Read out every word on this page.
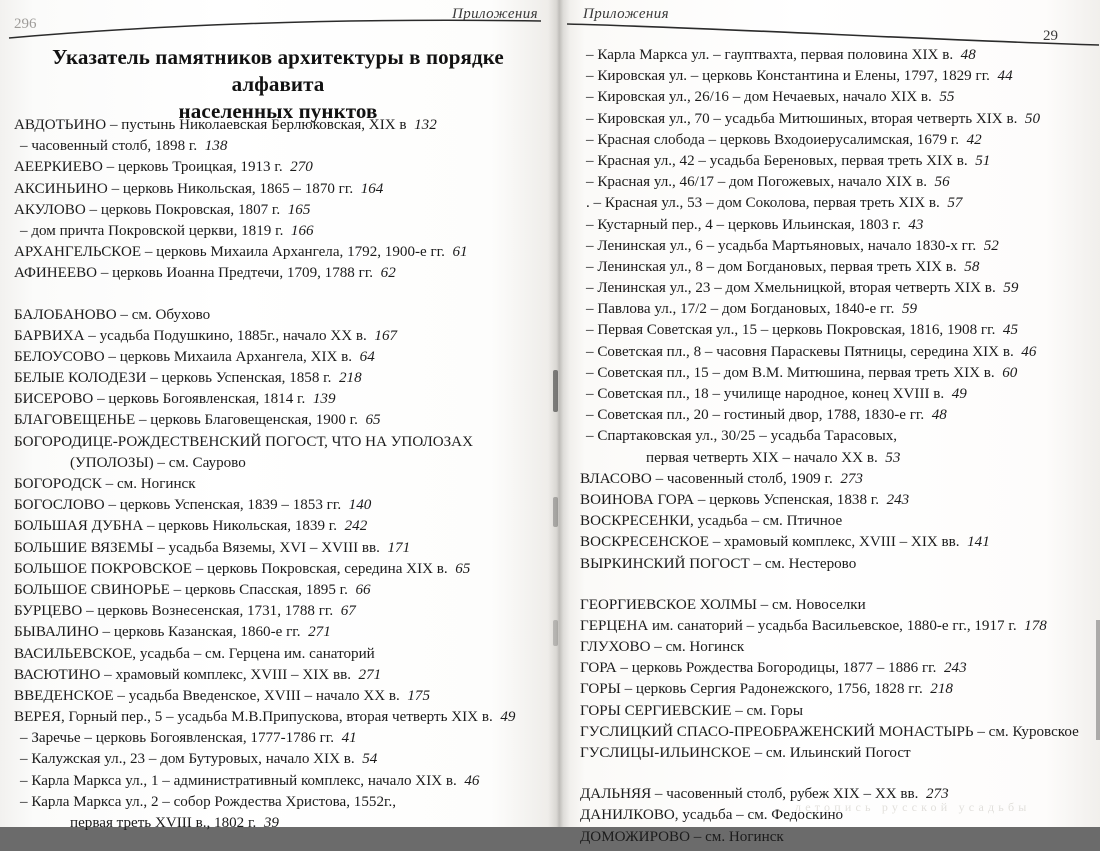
296
Приложения	Приложения
29
Указатель памятников архитектуры в порядке алфавита
населенных пунктов
АВДОТЬИНО – пустынь Николаевская Берлюковская, XIX в  132
– часовенный столб, 1898 г.  138
АЕЕРКИЕВО – церковь Троицкая, 1913 г.  270
АКСИНЬИНО – церковь Никольская, 1865 – 1870 гг.  164
АКУЛОВО – церковь Покровская, 1807 г.  165
– дом причта Покровской церкви, 1819 г.  166
АРХАНГЕЛЬСКОЕ – церковь Михаила Архангела, 1792, 1900-е гг.  61
АФИНЕЕВО – церковь Иоанна Предтечи, 1709, 1788 гг.  62
БАЛОБАНОВО – см. Обухово
БАРВИХА – усадьба Подушкино, 1885г., начало XX в.  167
БЕЛОУСОВО – церковь Михаила Архангела, XIX в.  64
БЕЛЫЕ КОЛОДЕЗИ – церковь Успенская, 1858 г.  218
БИСЕРОВО – церковь Богоявленская, 1814 г.  139
БЛАГОВЕЩЕНЬЕ – церковь Благовещенская, 1900 г.  65
БОГОРОДИЦЕ-РОЖДЕСТВЕНСКИЙ ПОГОСТ, ЧТО НА УПОЛОЗАХ
(УПОЛОЗЫ) – см. Саурово
БОГОРОДСК – см. Ногинск
БОГОСЛОВО – церковь Успенская, 1839 – 1853 гг.  140
БОЛЬШАЯ ДУБНА – церковь Никольская, 1839 г.  242
БОЛЬШИЕ ВЯЗЕМЫ – усадьба Вяземы, XVI – XVIII вв.  171
БОЛЬШОЕ ПOКРОВСКОЕ – церковь Покровская, середина XIX в.  65
БОЛЬШОЕ СВИНОРЬЕ – церковь Спасская, 1895 г.  66
БУРЦЕВО – церковь Вознесенская, 1731, 1788 гг.  67
БЫВАЛИНО – церковь Казанская, 1860-е гг.  271
ВАСИЛЬЕВСКОЕ, усадьба – см. Герцена им. санаторий
ВАСЮТИНО – храмовый комплекс, XVIII – XIX вв.  271
ВВЕДЕНСКОЕ – усадьба Введенское, XVIII – начало XX в.  175
ВЕРЕЯ, Горный пер., 5 – усадьба М.В.Припускова, вторая четверть XIX в.  49
– Заречье – церковь Богоявленская, 1777-1786 гг.  41
– Калужская ул., 23 – дом Бутуровых, начало XIX в.  54
– Карла Маркса ул., 1 – административный комплекс, начало XIX в.  46
– Карла Маркса ул., 2 – собор Рождества Христова, 1552г.,
первая треть XVIII в., 1802 г.  39
– Карла Маркса ул. – гауптвахта, первая половина XIX в.  48
– Кировская ул. – церковь Константина и Елены, 1797, 1829 гг.  44
– Кировская ул., 26/16 – дом Нечаевых, начало XIX в.  55
– Кировская ул., 70 – усадьба Митюшиных, вторая четверть XIX в.  50
– Красная слобода – церковь Входоиерусалимская, 1679 г.  42
– Красная ул., 42 – усадьба Береновых, первая треть XIX в.  51
– Красная ул., 46/17 – дом Погожевых, начало XIX в.  56
. – Красная ул., 53 – дом Соколова, первая треть XIX в.  57
– Кустарный пер., 4 – церковь Ильинская, 1803 г.  43
– Ленинская ул., 6 – усадьба Мартьяновых, начало 1830-х гг.  52
– Ленинская ул., 8 – дом Богдановых, первая треть XIX в.  58
– Ленинская ул., 23 – дом Хмельницкой, вторая четверть XIX в.  59
– Павлова ул., 17/2 – дом Богдановых, 1840-е гг.  59
– Первая Советская ул., 15 – церковь Покровская, 1816, 1908 гг.  45
– Советская пл., 8 – часовня Параскевы Пятницы, середина XIX в.  46
– Советская пл., 15 – дом В.М. Митюшина, первая треть XIX в.  60
– Советская пл., 18 – училище народное, конец XVIII в.  49
– Советская пл., 20 – гостиный двор, 1788, 1830-е гг.  48
– Спартаковская ул., 30/25 – усадьба Тарасовых,
первая четверть XIX – начало XX в.  53
ВЛАСОВО – часовенный столб, 1909 г.  273
ВОИНОВА ГОРА – церковь Успенская, 1838 г.  243
ВОСКРЕСЕНКИ, усадьба – см. Птичное
ВОСКРЕСЕНСКОЕ – храмовый комплекс, XVIII – XIX вв.  141
ВЫРКИНСКИЙ ПОГОСТ – см. Нестерово
ГЕОРГИЕВСКОЕ ХОЛМЫ – см. Новоселки
ГЕРЦЕНА им. санаторий – усадьба Васильевское, 1880-е гг., 1917 г.  178
ГЛУХОВО – см. Ногинск
ГОРА – церковь Рождества Богородицы, 1877 – 1886 гг.  243
ГОРЫ – церковь Сергия Радонежского, 1756, 1828 гг.  218
ГОРЫ СЕРГИЕВСКИЕ – см. Горы
ГУСЛИЦКИЙ СПАСО-ПРЕОБРАЖЕНСКИЙ МОНАСТЫРЬ – см. Куровское
ГУСЛИЦЫ-ИЛЬИНСКОЕ – см. Ильинский Погост
ДАЛЬНЯЯ – часовенный столб, рубеж XIX – XX вв.  273
ДАНИЛКОВО, усадьба – см. Федоскино
ДОМОЖИРОВО – см. Ногинск
летопись русской усадьбы
